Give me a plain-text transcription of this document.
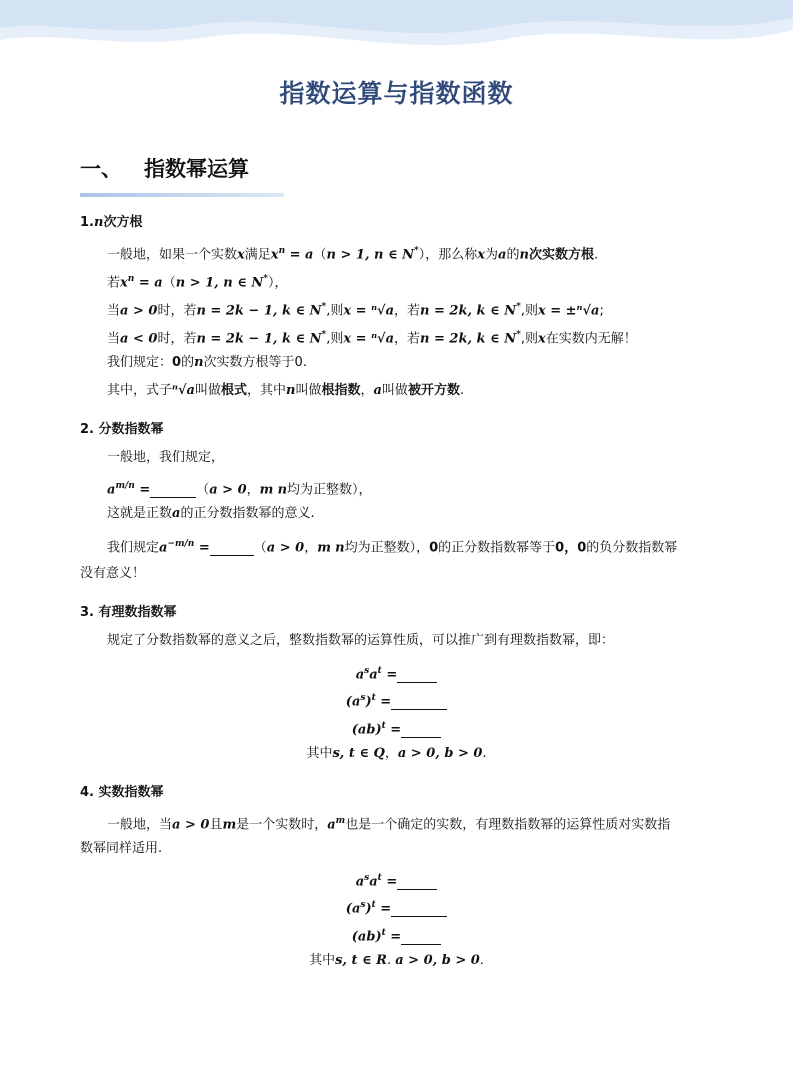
指数运算与指数函数
一、 指数幂运算
1.n次方根
一般地，如果一个实数x满足$x^n = a(n > 1$, n ∈ N*），那么称x为a的n次实数方根.
若$x^n = a(n > 1$, n ∈ N*），
当a > 0时，若n = 2k − 1, k ∈ N*,则x = ⁿ√a，若n = 2k, k ∈ N*,则x = ±ⁿ√a;
当a < 0时，若n = 2k − 1, k ∈ N*,则x = ⁿ√a，若n = 2k, k ∈ N*,则x在实数内无解！
我们规定：0的n次实数方根等于0.
其中，式子ⁿ√a叫做根式，其中n叫做根指数，a叫做被开方数.
2. 分数指数幂
一般地，我们规定，
$a^{m/n}$ =	（a > 0，m n均为正整数），
这就是正数a的正分数指数幂的意义.
我们规定$a^{-m/n}$ =	（a > 0，m n均为正整数），0的正分数指数幂等于0，0的负分数指数幂
没有意义！
3. 有理数指数幂
规定了分数指数幂的意义之后，整数指数幂的运算性质，可以推广到有理数指数幂，即：
$a^sa^t$ =
$(a^s)^t$ =
(ab)$^t$ =
其中s, t ∈ Q，a > 0, b > 0.
4. 实数指数幂
一般地，当a > 0且m是一个实数时，$a^m$也是一个确定的实数，有理数指数幂的运算性质对实数指
数幂同样适用.
$a^sa^t$ =
$(a^s)^t$ =
(ab)$^t$ =
其中s, t ∈ R. a > 0, b > 0.
